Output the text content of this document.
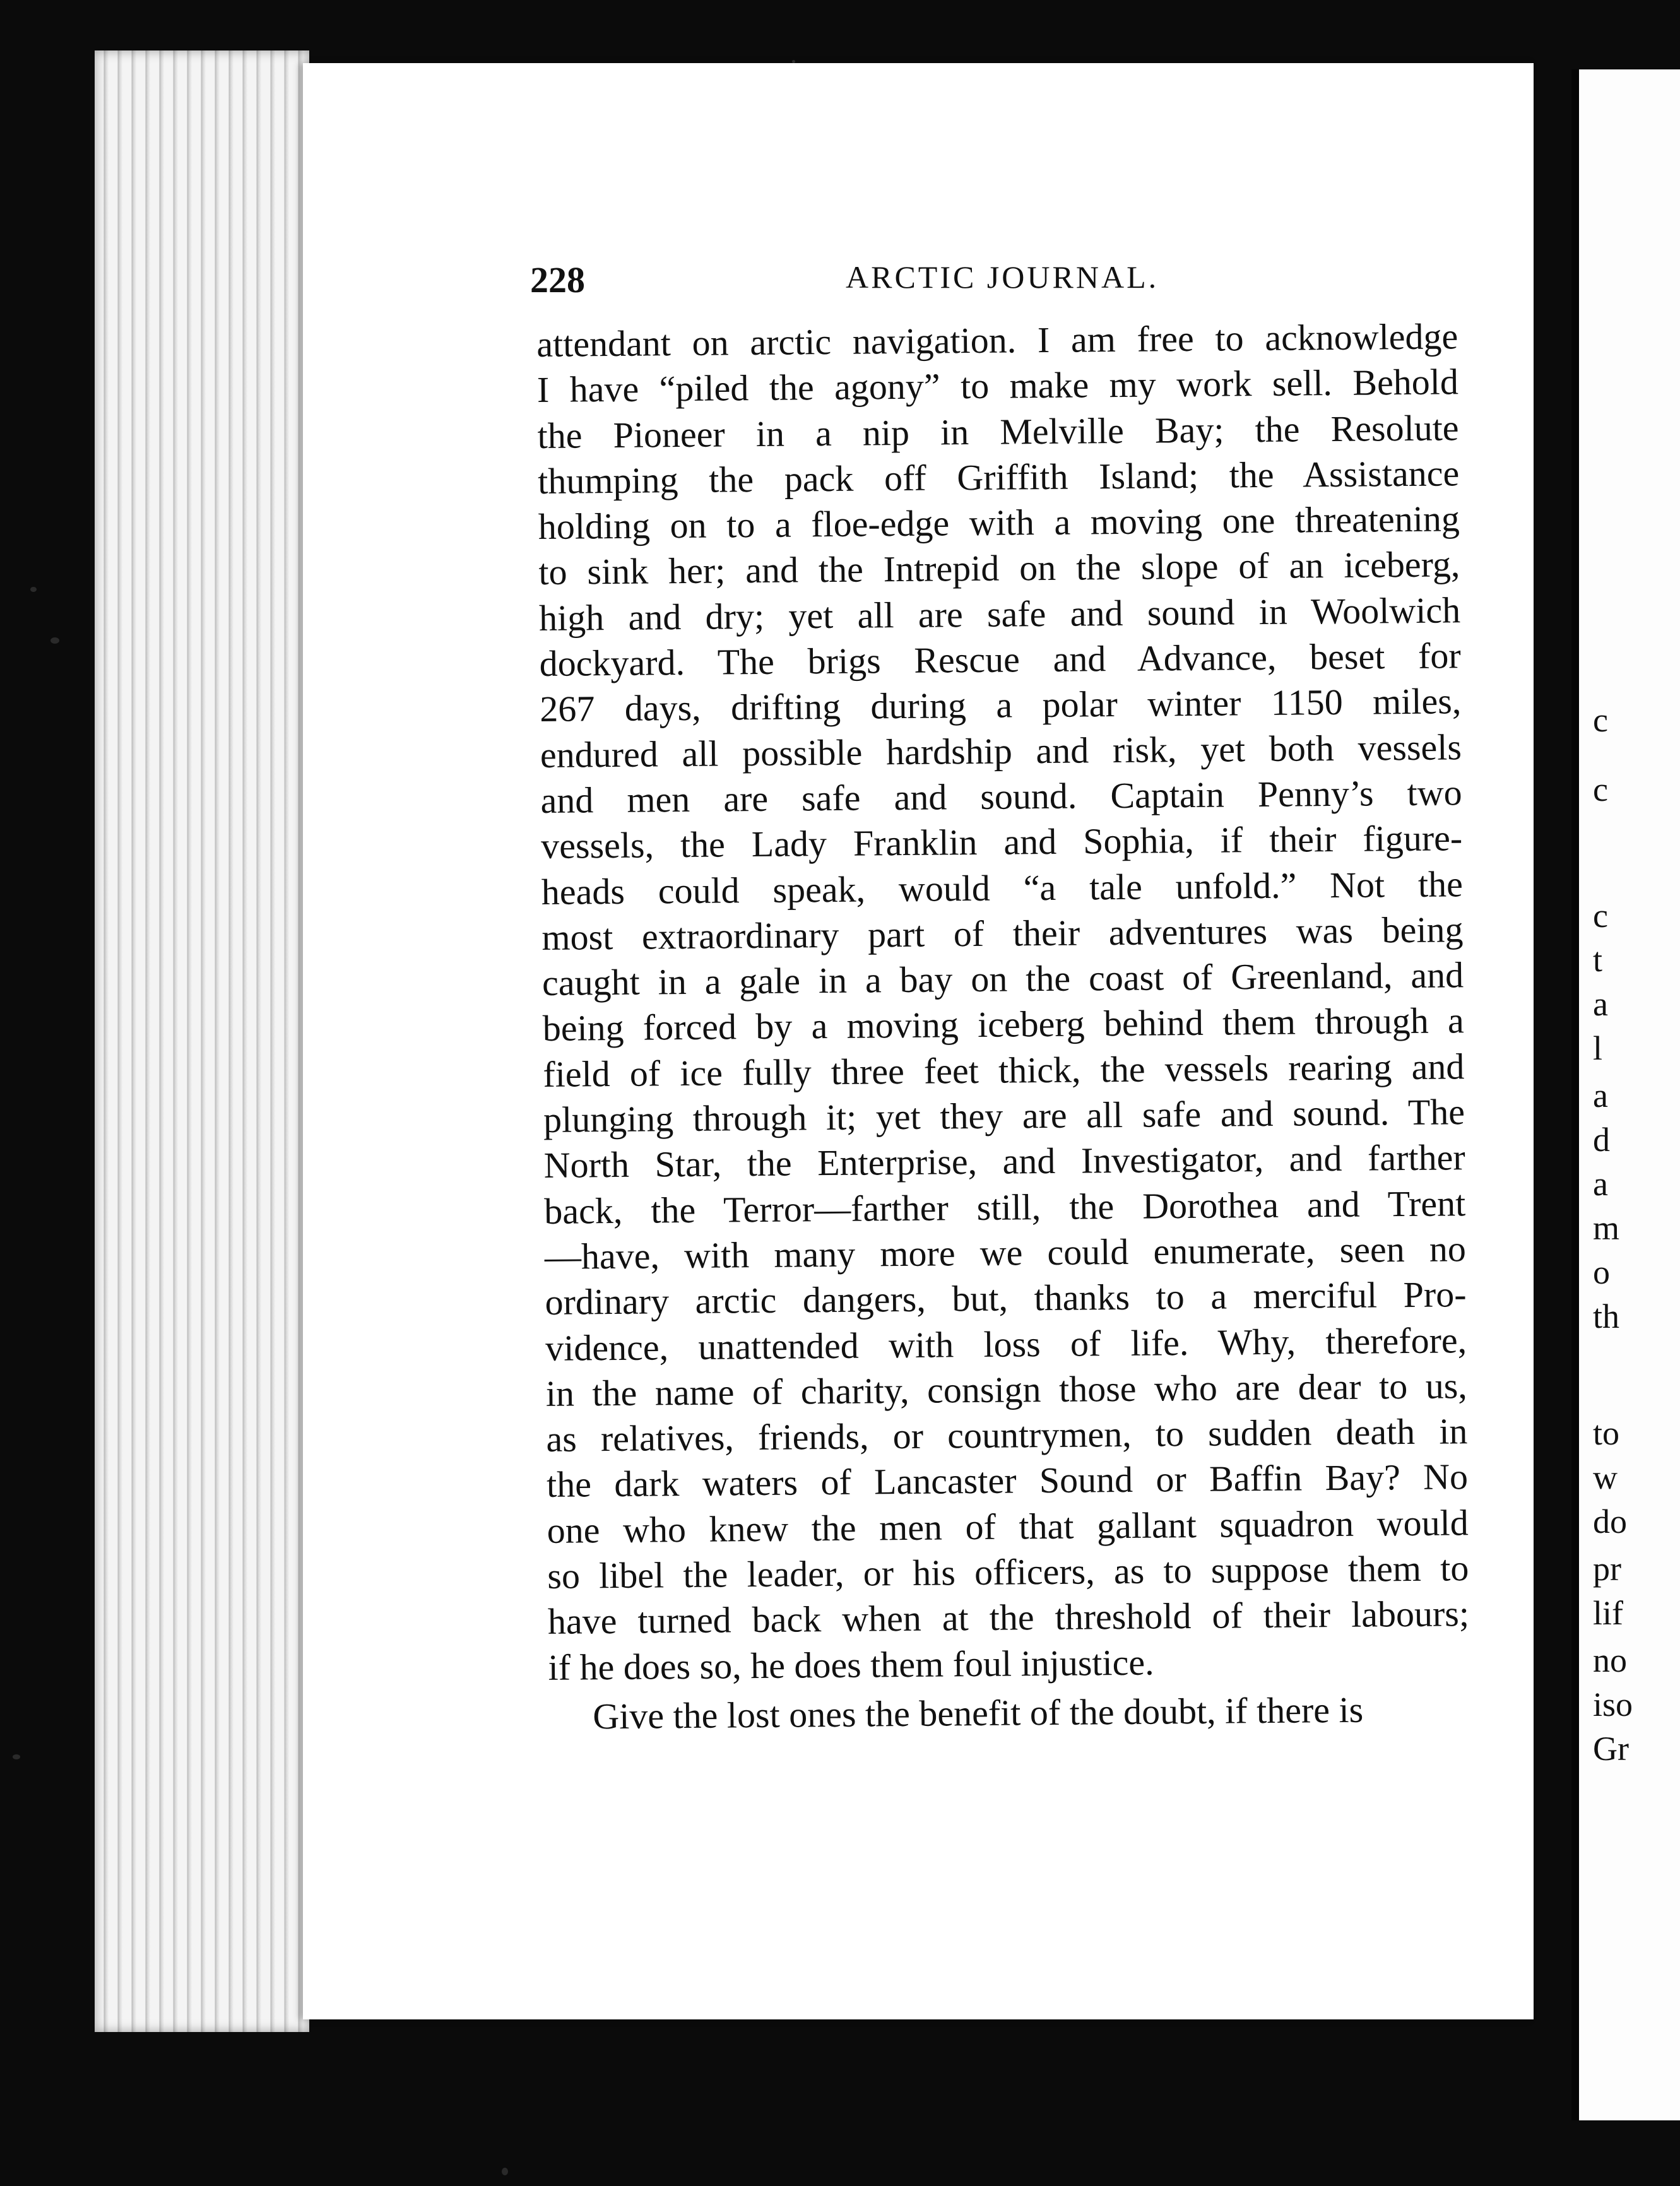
228	ARCTIC JOURNAL.
attendant on arctic navigation. I am free to acknowledge
I have “piled the agony” to make my work sell. Behold
the Pioneer in a nip in Melville Bay; the Resolute
thumping the pack off Griffith Island; the Assistance
holding on to a floe-edge with a moving one threatening
to sink her; and the Intrepid on the slope of an iceberg,
high and dry; yet all are safe and sound in Woolwich
dockyard. The brigs Rescue and Advance, beset for
267 days, drifting during a polar winter 1150 miles,
endured all possible hardship and risk, yet both vessels
and men are safe and sound. Captain Penny’s two
vessels, the Lady Franklin and Sophia, if their figure-
heads could speak, would “a tale unfold.” Not the
most extraordinary part of their adventures was being
caught in a gale in a bay on the coast of Greenland, and
being forced by a moving iceberg behind them through a
field of ice fully three feet thick, the vessels rearing and
plunging through it; yet they are all safe and sound. The
North Star, the Enterprise, and Investigator, and farther
back, the Terror—farther still, the Dorothea and Trent
—have, with many more we could enumerate, seen no
ordinary arctic dangers, but, thanks to a merciful Pro-
vidence, unattended with loss of life. Why, therefore,
in the name of charity, consign those who are dear to us,
as relatives, friends, or countrymen, to sudden death in
the dark waters of Lancaster Sound or Baffin Bay? No
one who knew the men of that gallant squadron would
so libel the leader, or his officers, as to suppose them to
have turned back when at the threshold of their labours;
if he does so, he does them foul injustice.
Give the lost ones the benefit of the doubt, if there is
c
c
c
t
a
l
a
d
a
m
o
th
to
w
do
pr
lif
no
iso
Gr
